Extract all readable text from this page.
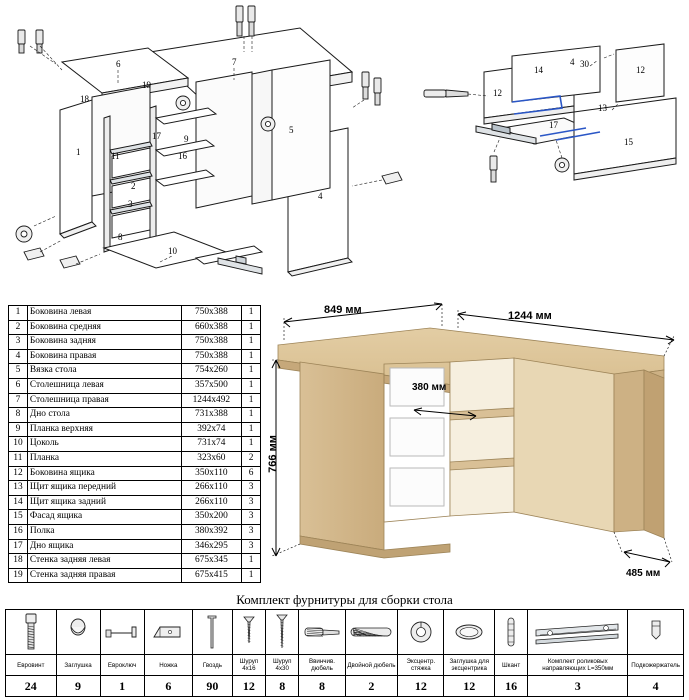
1
2
3
4
5
6	7
8
9
10
11	16
17
18
19
12
12
13
14
15
17
4 30
1	Боковина левая	750x388	1
2	Боковина средняя	660x388	1
3	Боковина задняя	750x388	1
4	Боковина правая	750x388	1
5	Вязка стола	754x260	1
6	Столешница левая	357x500	1
7	Столешница правая	1244x492	1
8	Дно стола	731x388	1
9	Планка верхняя	392x74	1
10	Цоколь	731x74	1
11	Планка	323x60	2
12	Боковина ящика	350x110	6
13	Щит ящика передний	266x110	3
14	Щит ящика задний	266x110	3
15	Фасад ящика	350x200	3
16	Полка	380x392	3
17	Дно ящика	346x295	3
18	Стенка задняя левая	675x345	1
19	Стенка задняя правая	675x415	1
849 мм	1244 мм
766 мм
380 мм
485 мм
Комплект фурнитуры для сборки стола

Евровинт	Заглушка	Евроключ	Ножка	Гвоздь	Шуруп 4х16	Шуруп 4х30	Ввинчив. дюбель	Двойной дюбель	Эксцентр. стяжка	Заглушка для эксцентрика	Шкант	Комплект роликовых направляющих L=350мм	Подкожержатель
24	9	1	6	90	12	8	8	2	12	12	16	3	4
